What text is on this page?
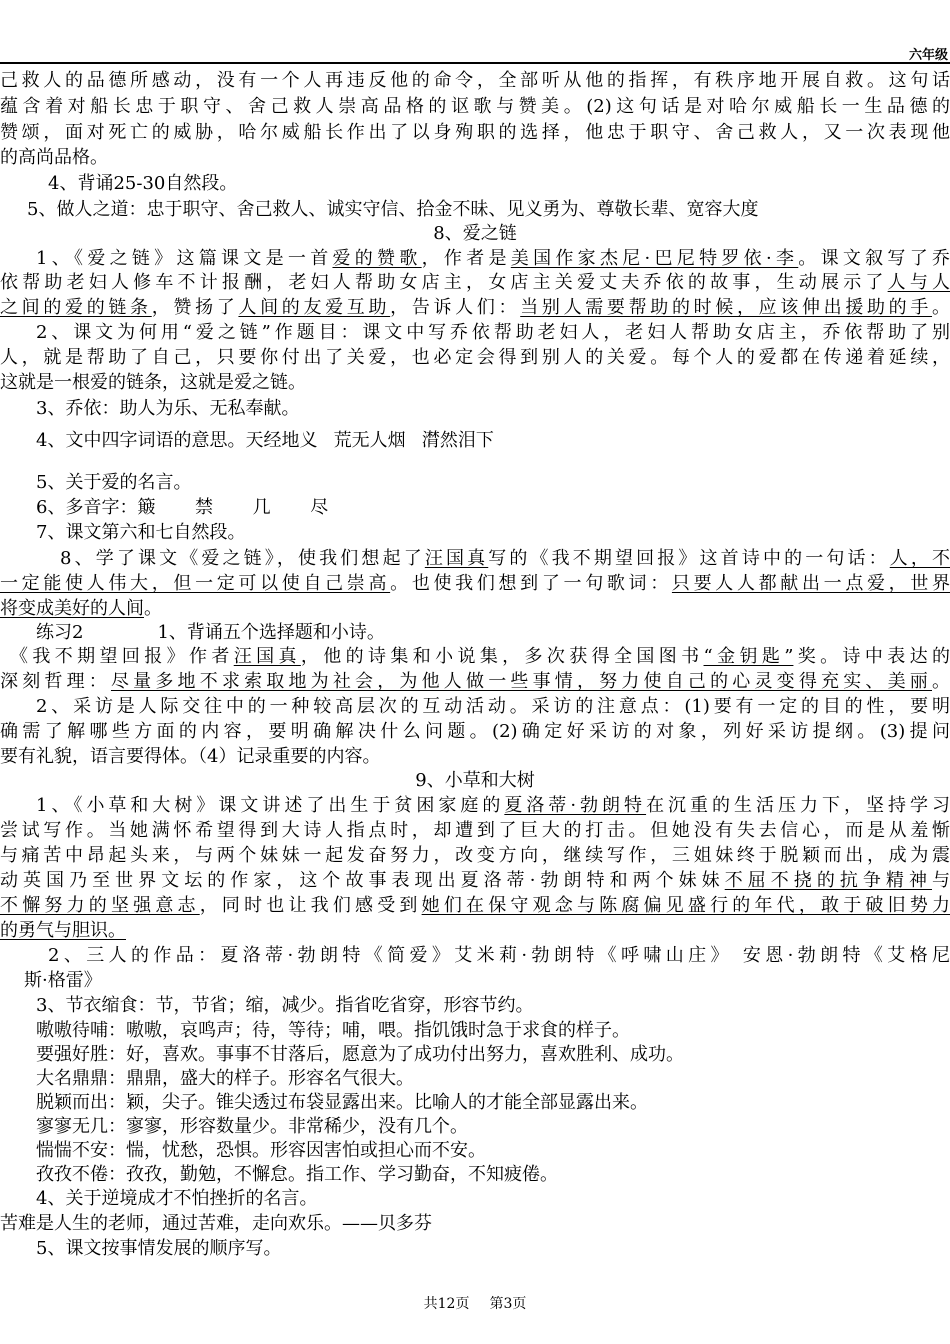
六年级
己救人的品德所感动，没有一个人再违反他的命令，全部听从他的指挥，有秩序地开展自救。这句话
蕴含着对船长忠于职守、舍己救人崇高品格的讴歌与赞美。(2)这句话是对哈尔威船长一生品德的
赞颂，面对死亡的威胁，哈尔威船长作出了以身殉职的选择，他忠于职守、舍己救人，又一次表现他
的高尚品格。
4、背诵25-30自然段。
5、做人之道：忠于职守、舍己救人、诚实守信、拾金不昧、见义勇为、尊敬长辈、宽容大度
8、爱之链
1、《爱之链》这篇课文是一首爱的赞歌，作者是美国作家杰尼·巴尼特罗依·李。课文叙写了乔
依帮助老妇人修车不计报酬，老妇人帮助女店主，女店主关爱丈夫乔依的故事，生动展示了人与人
之间的爱的链条，赞扬了人间的友爱互助，告诉人们：当别人需要帮助的时候，应该伸出援助的手。
2、课文为何用“爱之链”作题目：课文中写乔依帮助老妇人，老妇人帮助女店主，乔依帮助了别
人，就是帮助了自己，只要你付出了关爱，也必定会得到别人的关爱。每个人的爱都在传递着延续，
这就是一根爱的链条，这就是爱之链。
3、乔依：助人为乐、无私奉献。
4、文中四字词语的意思。天经地义 荒无人烟 潸然泪下
5、关于爱的名言。
6、多音字：簸 禁 几 尽
7、课文第六和七自然段。
8、学了课文《爱之链》，使我们想起了汪国真写的《我不期望回报》这首诗中的一句话：人，不
一定能使人伟大，但一定可以使自己崇高。也使我们想到了一句歌词：只要人人都献出一点爱，世界
将变成美好的人间。
练习2	1、背诵五个选择题和小诗。
《我不期望回报》作者汪国真，他的诗集和小说集，多次获得全国图书“金钥匙”奖。诗中表达的
深刻哲理：尽量多地不求索取地为社会，为他人做一些事情，努力使自己的心灵变得充实、美丽。
2、采访是人际交往中的一种较高层次的互动活动。采访的注意点：(1)要有一定的目的性，要明
确需了解哪些方面的内容，要明确解决什么问题。(2)确定好采访的对象，列好采访提纲。(3)提问
要有礼貌，语言要得体。（4）记录重要的内容。
9、小草和大树
1、《小草和大树》课文讲述了出生于贫困家庭的夏洛蒂·勃朗特在沉重的生活压力下，坚持学习
尝试写作。当她满怀希望得到大诗人指点时，却遭到了巨大的打击。但她没有失去信心，而是从羞惭
与痛苦中昂起头来，与两个妹妹一起发奋努力，改变方向，继续写作，三姐妹终于脱颖而出，成为震
动英国乃至世界文坛的作家，这个故事表现出夏洛蒂·勃朗特和两个妹妹不屈不挠的抗争精神与
不懈努力的坚强意志，同时也让我们感受到她们在保守观念与陈腐偏见盛行的年代，敢于破旧势力
的勇气与胆识。
2、三人的作品：夏洛蒂·勃朗特《简爱》艾米莉·勃朗特《呼啸山庄》 安恩·勃朗特《艾格尼
斯·格雷》
3、节衣缩食：节，节省；缩，减少。指省吃省穿，形容节约。
嗷嗷待哺：嗷嗷，哀鸣声；待，等待；哺，喂。指饥饿时急于求食的样子。
要强好胜：好，喜欢。事事不甘落后，愿意为了成功付出努力，喜欢胜利、成功。
大名鼎鼎：鼎鼎，盛大的样子。形容名气很大。
脱颖而出：颖，尖子。锥尖透过布袋显露出来。比喻人的才能全部显露出来。
寥寥无几：寥寥，形容数量少。非常稀少，没有几个。
惴惴不安：惴，忧愁，恐惧。形容因害怕或担心而不安。
孜孜不倦：孜孜，勤勉，不懈怠。指工作、学习勤奋，不知疲倦。
4、关于逆境成才不怕挫折的名言。
苦难是人生的老师，通过苦难，走向欢乐。——贝多芬
5、课文按事情发展的顺序写。
共12页 第3页
